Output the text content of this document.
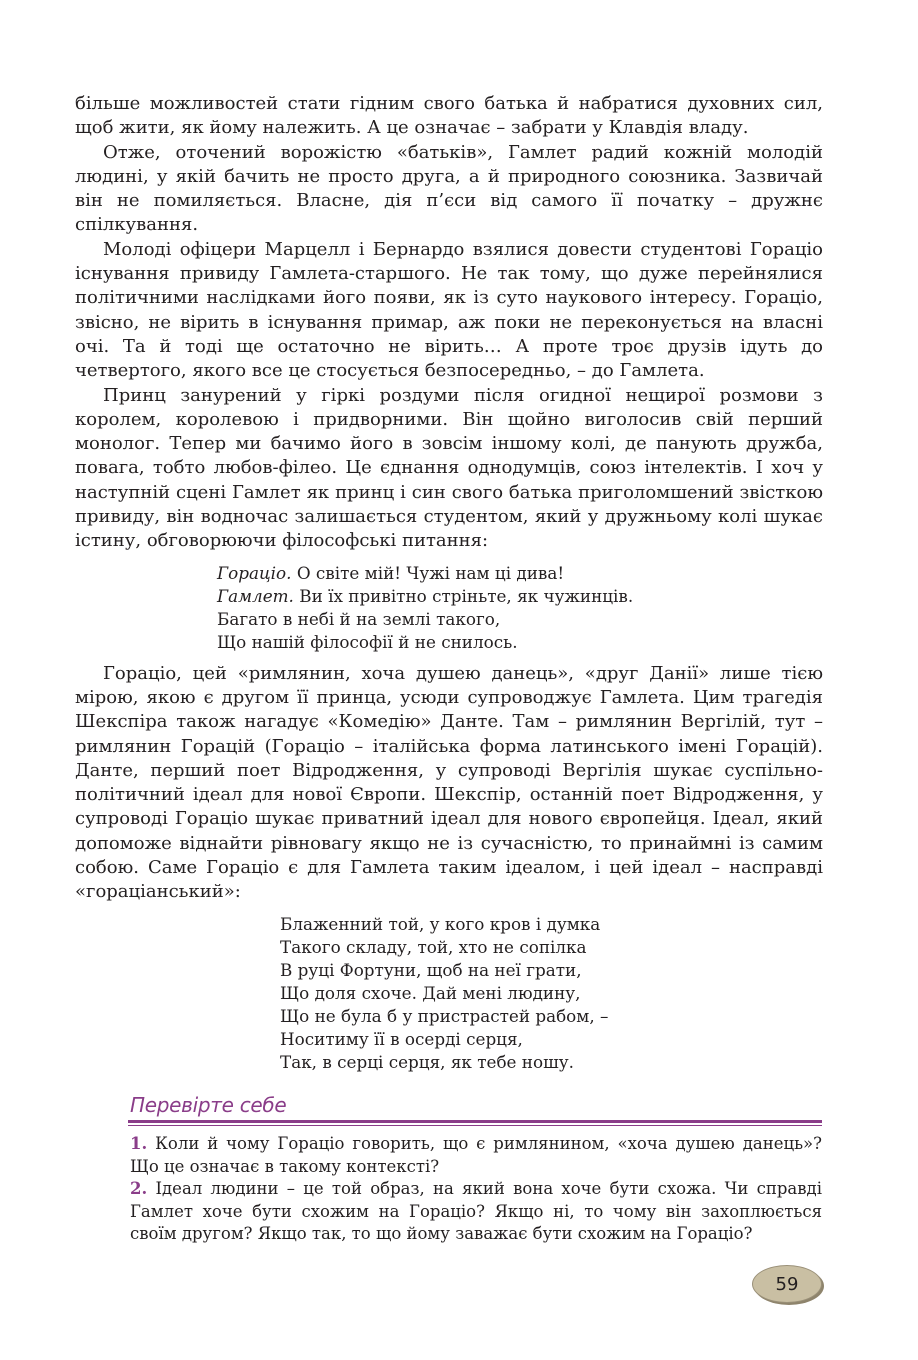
більше можливостей стати гідним свого батька й набратися духовних сил, щоб жити, як йому належить. А це означає – забрати у Клавдія владу.

Отже, оточений ворожістю «батьків», Гамлет радий кожній молодій людині, у якій бачить не просто друга, а й природного союзника. Зазвичай він не помиляється. Власне, дія п’єси від самого її початку – дружнє спілкування.

Молоді офіцери Марцелл і Бернардо взялися довести студентові Гораціо існування привиду Гамлета-старшого. Не так тому, що дуже перейнялися політичними наслідками його появи, як із суто наукового інтересу. Гораціо, звісно, не вірить в існування примар, аж поки не переконується на власні очі. Та й тоді ще остаточно не вірить… А проте троє друзів ідуть до четвертого, якого все це стосується безпосередньо, – до Гамлета.

Принц занурений у гіркі роздуми після огидної нещирої розмови з королем, королевою і придворними. Він щойно виголосив свій перший монолог. Тепер ми бачимо його в зовсім іншому колі, де панують дружба, повага, тобто любов-філео. Це єднання однодумців, союз інтелектів. І хоч у наступній сцені Гамлет як принц і син свого батька приголомшений звісткою привиду, він водночас залишається студентом, який у дружньому колі шукає істину, обговорюючи філософські питання:

Гораціо. О світе мій! Чужі нам ці дива!
Гамлет. Ви їх привітно стріньте, як чужинців.
Багато в небі й на землі такого,
Що нашій філософії й не снилось.

Гораціо, цей «римлянин, хоча душею данець», «друг Данії» лише тією мірою, якою є другом її принца, усюди супроводжує Гамлета. Цим трагедія Шекспіра також нагадує «Комедію» Данте. Там – римлянин Вергілій, тут – римлянин Горацій (Гораціо – італійська форма латинського імені Горацій). Данте, перший поет Відродження, у супроводі Вергілія шукає суспільно-політичний ідеал для нової Європи. Шекспір, останній поет Відродження, у супроводі Гораціо шукає приватний ідеал для нового європейця. Ідеал, який допоможе віднайти рівновагу якщо не із сучасністю, то принаймні із самим собою. Саме Гораціо є для Гамлета таким ідеалом, і цей ідеал – насправді «гораціанський»:

Блаженний той, у кого кров і думка
Такого складу, той, хто не сопілка
В руці Фортуни, щоб на неї грати,
Що доля схоче. Дай мені людину,
Що не була б у пристрастей рабом, –
Носитиму її в осерді серця,
Так, в серці серця, як тебе ношу.
Перевірте себе

1. Коли й чому Гораціо говорить, що є римлянином, «хоча душею данець»? Що це означає в такому контексті?

2. Ідеал людини – це той образ, на який вона хоче бути схожа. Чи справді Гамлет хоче бути схожим на Гораціо? Якщо ні, то чому він захоплюється своїм другом? Якщо так, то що йому заважає бути схожим на Гораціо?

59
